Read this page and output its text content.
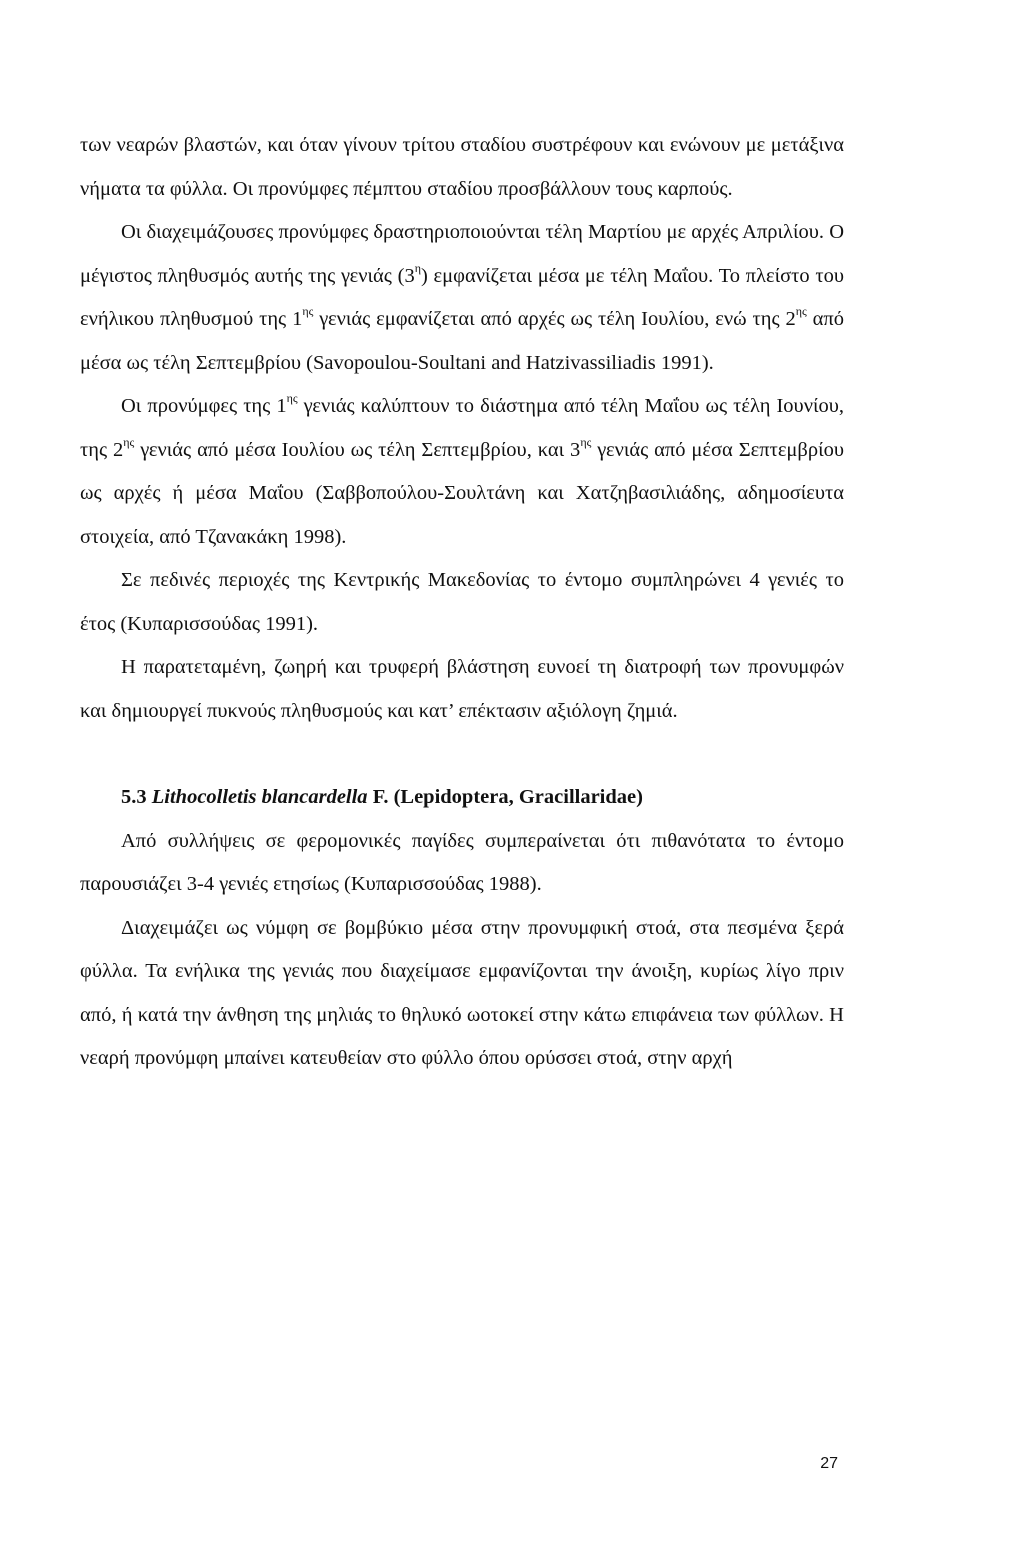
των νεαρών βλαστών, και όταν γίνουν τρίτου σταδίου συστρέφουν και ενώνουν με μετάξινα νήματα τα φύλλα. Οι προνύμφες πέμπτου σταδίου προσβάλλουν τους καρπούς.

Οι διαχειμάζουσες προνύμφες δραστηριοποιούνται τέλη Μαρτίου με αρχές Απριλίου. Ο μέγιστος πληθυσμός αυτής της γενιάς $(3^\eta)$ εμφανίζεται μέσα με τέλη Μαΐου. Το πλείστο του ενήλικου πληθυσμού της $1^{\eta\varsigma}$ γενιάς εμφανίζεται από αρχές ως τέλη Ιουλίου, ενώ της $2^{\eta\varsigma}$ από μέσα ως τέλη Σεπτεμβρίου (Savopoulou-Soultani and Hatzivassiliadis 1991).

Οι προνύμφες της $1^{\eta\varsigma}$ γενιάς καλύπτουν το διάστημα από τέλη Μαΐου ως τέλη Ιουνίου, της $2^{\eta\varsigma}$ γενιάς από μέσα Ιουλίου ως τέλη Σεπτεμβρίου, και $3^{\eta\varsigma}$ γενιάς από μέσα Σεπτεμβρίου ως αρχές ή μέσα Μαΐου (Σαββοπούλου-Σουλτάνη και Χατζηβασιλιάδης, αδημοσίευτα στοιχεία, από Τζανακάκη 1998).

Σε πεδινές περιοχές της Κεντρικής Μακεδονίας το έντομο συμπληρώνει 4 γενιές το έτος (Κυπαρισσούδας 1991).

Η παρατεταμένη, ζωηρή και τρυφερή βλάστηση ευνοεί τη διατροφή των προνυμφών και δημιουργεί πυκνούς πληθυσμούς και κατ’ επέκτασιν αξιόλογη ζημιά.

5.3 Lithocolletis blancardella F. (Lepidoptera, Gracillaridae)

Από συλλήψεις σε φερομονικές παγίδες συμπεραίνεται ότι πιθανότατα το έντομο παρουσιάζει 3-4 γενιές ετησίως (Κυπαρισσούδας 1988).

Διαχειμάζει ως νύμφη σε βομβύκιο μέσα στην προνυμφική στοά, στα πεσμένα ξερά φύλλα. Τα ενήλικα της γενιάς που διαχείμασε εμφανίζονται την άνοιξη, κυρίως λίγο πριν από, ή κατά την άνθηση της μηλιάς το θηλυκό ωοτοκεί στην κάτω επιφάνεια των φύλλων. Η νεαρή προνύμφη μπαίνει κατευθείαν στο φύλλο όπου ορύσσει στοά, στην αρχή

27
